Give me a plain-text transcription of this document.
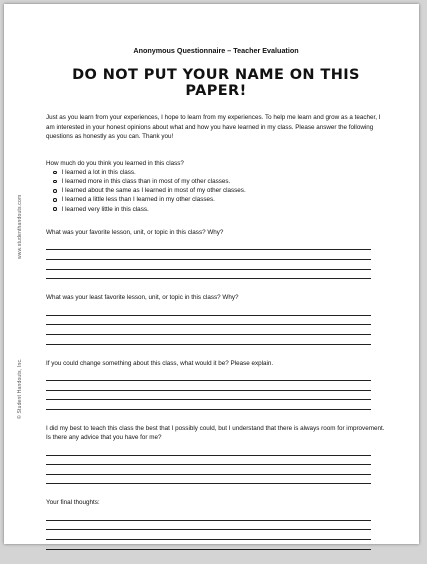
www.studenthandouts.com
© Student Handouts, Inc.
Anonymous Questionnaire – Teacher Evaluation
DO NOT PUT YOUR NAME ON THIS PAPER!
Just as you learn from your experiences, I hope to learn from my experiences. To help me learn and grow as a teacher, I am interested in your honest opinions about what and how you have learned in my class. Please answer the following questions as honestly as you can. Thank you!

How much do you think you learned in this class?

I learned a lot in this class.
I learned more in this class than in most of my other classes.
I learned about the same as I learned in most of my other classes.
I learned a little less than I learned in my other classes.
I learned very little in this class.

What was your favorite lesson, unit, or topic in this class? Why?

What was your least favorite lesson, unit, or topic in this class? Why?

If you could change something about this class, what would it be? Please explain.

I did my best to teach this class the best that I possibly could, but I understand that there is always room for improvement.

Is there any advice that you have for me?

Your final thoughts:
